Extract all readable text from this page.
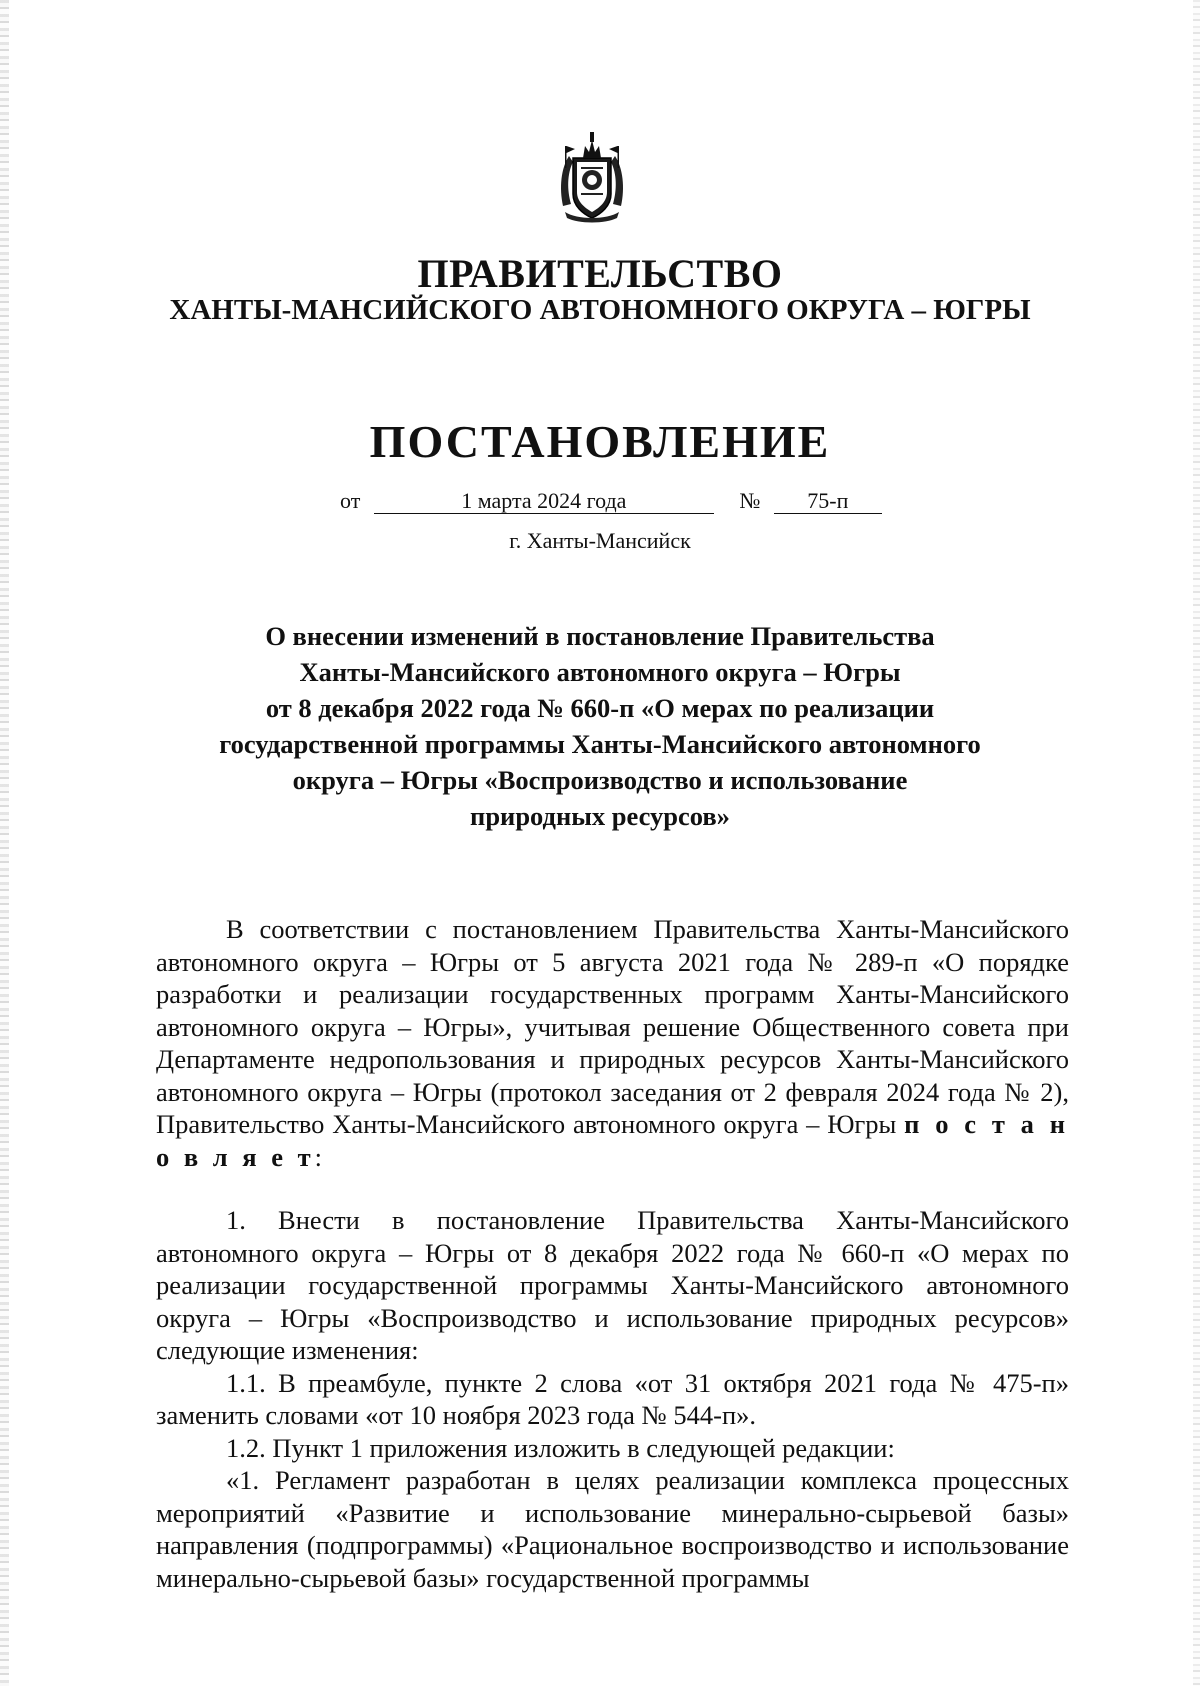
ПРАВИТЕЛЬСТВО
ХАНТЫ-МАНСИЙСКОГО АВТОНОМНОГО ОКРУГА – ЮГРЫ
ПОСТАНОВЛЕНИЕ
от	1 марта 2024 года	№ 75-п
г. Ханты-Мансийск
О внесении изменений в постановление Правительства
Ханты-Мансийского автономного округа – Югры
от 8 декабря 2022 года № 660-п «О мерах по реализации
государственной программы Ханты-Мансийского автономного
округа – Югры «Воспроизводство и использование
природных ресурсов»

В соответствии с постановлением Правительства Ханты-Мансийского автономного округа – Югры от 5 августа 2021 года № 289-п «О порядке разработки и реализации государственных программ Ханты-Мансийского автономного округа – Югры», учитывая решение Общественного совета при Департаменте недропользования и природных ресурсов Ханты-Мансийского автономного округа – Югры (протокол заседания от 2 февраля 2024 года № 2), Правительство Ханты-Мансийского автономного округа – Югры п о с т а н о в л я е т:

1. Внести в постановление Правительства Ханты-Мансийского автономного округа – Югры от 8 декабря 2022 года № 660-п «О мерах по реализации государственной программы Ханты-Мансийского автономного округа – Югры «Воспроизводство и использование природных ресурсов» следующие изменения:

1.1. В преамбуле, пункте 2 слова «от 31 октября 2021 года № 475-п» заменить словами «от 10 ноября 2023 года № 544-п».

1.2. Пункт 1 приложения изложить в следующей редакции:

«1. Регламент разработан в целях реализации комплекса процессных мероприятий «Развитие и использование минерально-сырьевой базы» направления (подпрограммы) «Рациональное воспроизводство и использование минерально-сырьевой базы» государственной программы
